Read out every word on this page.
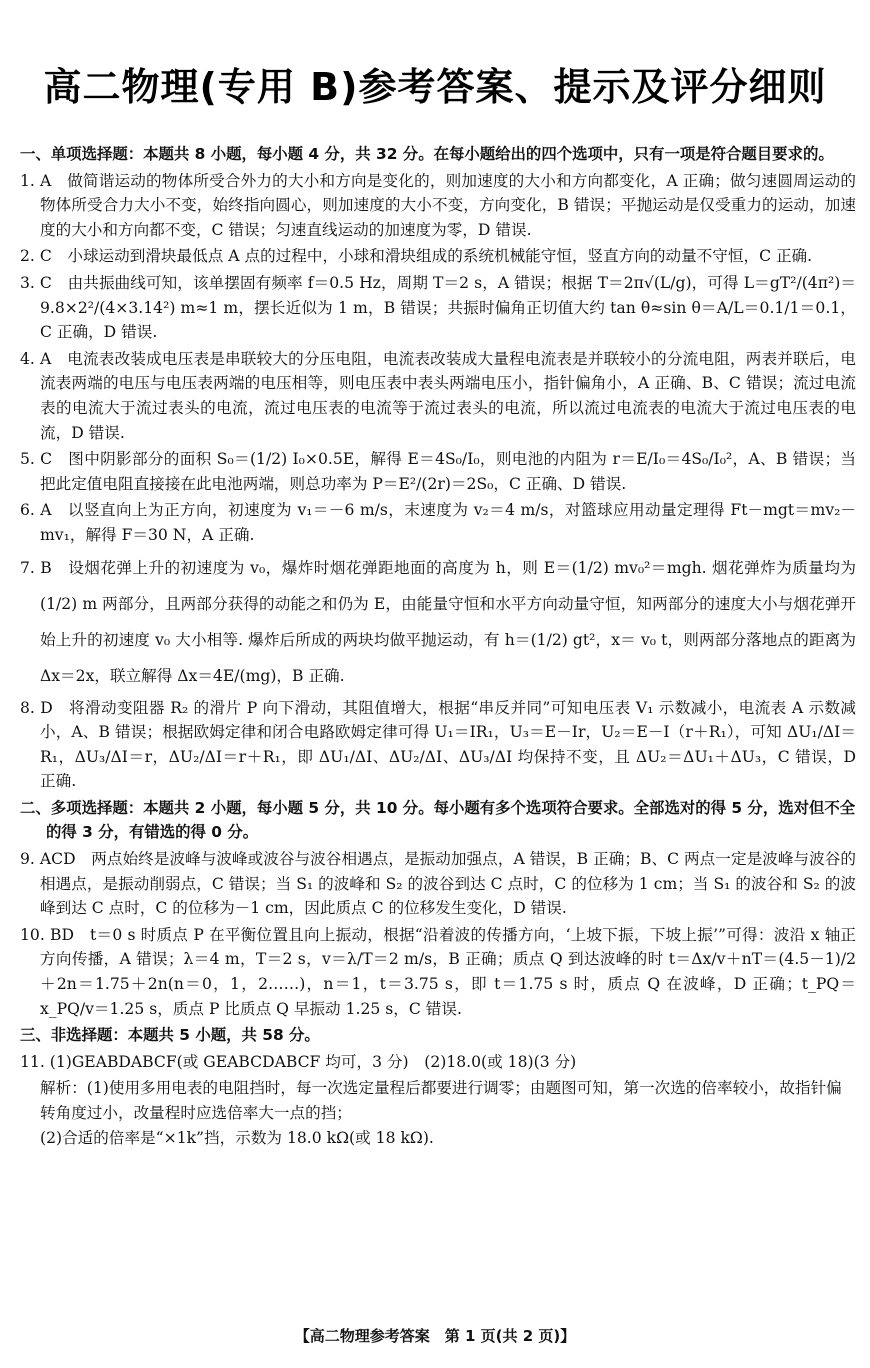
高二物理(专用 B)参考答案、提示及评分细则

一、单项选择题：本题共 8 小题，每小题 4 分，共 32 分。在每小题给出的四个选项中，只有一项是符合题目要求的。

1. A　做简谐运动的物体所受合外力的大小和方向是变化的，则加速度的大小和方向都变化，A 正确；做匀速圆周运动的物体所受合力大小不变，始终指向圆心，则加速度的大小不变，方向变化，B 错误；平抛运动是仅受重力的运动，加速度的大小和方向都不变，C 错误；匀速直线运动的加速度为零，D 错误.

2. C　小球运动到滑块最低点 A 点的过程中，小球和滑块组成的系统机械能守恒，竖直方向的动量不守恒，C 正确.

3. C　由共振曲线可知，该单摆固有频率 f＝0.5 Hz，周期 T＝2 s，A 错误；根据 T＝2π√(L/g)，可得 L＝gT²/(4π²)＝9.8×2²/(4×3.14²) m≈1 m，摆长近似为 1 m，B 错误；共振时偏角正切值大约 tan θ≈sin θ＝A/L＝0.1/1＝0.1，C 正确，D 错误.

4. A　电流表改装成电压表是串联较大的分压电阻，电流表改装成大量程电流表是并联较小的分流电阻，两表并联后，电流表两端的电压与电压表两端的电压相等，则电压表中表头两端电压小，指针偏角小，A 正确、B、C 错误；流过电流表的电流大于流过表头的电流，流过电压表的电流等于流过表头的电流，所以流过电流表的电流大于流过电压表的电流，D 错误.

5. C　图中阴影部分的面积 S₀＝(1/2) I₀×0.5E，解得 E＝4S₀/I₀，则电池的内阻为 r＝E/I₀＝4S₀/I₀²，A、B 错误；当把此定值电阻直接接在此电池两端，则总功率为 P＝E²/(2r)＝2S₀，C 正确、D 错误.

6. A　以竖直向上为正方向，初速度为 v₁＝－6 m/s，末速度为 v₂＝4 m/s，对篮球应用动量定理得 Ft－mgt＝mv₂－mv₁，解得 F＝30 N，A 正确.

7. B　设烟花弹上升的初速度为 v₀，爆炸时烟花弹距地面的高度为 h，则 E＝(1/2) mv₀²＝mgh. 烟花弹炸为质量均为 (1/2) m 两部分，且两部分获得的动能之和仍为 E，由能量守恒和水平方向动量守恒，知两部分的速度大小与烟花弹开始上升的初速度 v₀ 大小相等. 爆炸后所成的两块均做平抛运动，有 h＝(1/2) gt²，x＝ v₀ t，则两部分落地点的距离为 Δx＝2x，联立解得 Δx＝4E/(mg)，B 正确.

8. D　将滑动变阻器 R₂ 的滑片 P 向下滑动，其阻值增大，根据“串反并同”可知电压表 V₁ 示数减小，电流表 A 示数减小，A、B 错误；根据欧姆定律和闭合电路欧姆定律可得 U₁＝IR₁，U₃＝E－Ir，U₂＝E－I（r＋R₁），可知 ΔU₁/ΔI＝R₁，ΔU₃/ΔI＝r，ΔU₂/ΔI＝r＋R₁，即 ΔU₁/ΔI、ΔU₂/ΔI、ΔU₃/ΔI 均保持不变，且 ΔU₂＝ΔU₁＋ΔU₃，C 错误，D 正确.

二、多项选择题：本题共 2 小题，每小题 5 分，共 10 分。每小题有多个选项符合要求。全部选对的得 5 分，选对但不全的得 3 分，有错选的得 0 分。

9. ACD　两点始终是波峰与波峰或波谷与波谷相遇点，是振动加强点，A 错误，B 正确；B、C 两点一定是波峰与波谷的相遇点，是振动削弱点，C 错误；当 S₁ 的波峰和 S₂ 的波谷到达 C 点时，C 的位移为 1 cm；当 S₁ 的波谷和 S₂ 的波峰到达 C 点时，C 的位移为－1 cm，因此质点 C 的位移发生变化，D 错误.

10. BD　t＝0 s 时质点 P 在平衡位置且向上振动，根据“沿着波的传播方向，‘上坡下振，下坡上振’”可得：波沿 x 轴正方向传播，A 错误；λ＝4 m，T＝2 s，v＝λ/T＝2 m/s，B 正确；质点 Q 到达波峰的时 t＝Δx/v＋nT＝(4.5－1)/2＋2n＝1.75＋2n(n＝0，1，2……)，n＝1，t＝3.75 s，即 t＝1.75 s 时，质点 Q 在波峰，D 正确；t_PQ＝x_PQ/v＝1.25 s，质点 P 比质点 Q 早振动 1.25 s，C 错误.

三、非选择题：本题共 5 小题，共 58 分。

11. (1)GEABDABCF(或 GEABCDABCF 均可，3 分)　(2)18.0(或 18)(3 分)

解析：(1)使用多用电表的电阻挡时，每一次选定量程后都要进行调零；由题图可知，第一次选的倍率较小，故指针偏转角度过小，改量程时应选倍率大一点的挡；

(2)合适的倍率是“×1k”挡，示数为 18.0 kΩ(或 18 kΩ).

【高二物理参考答案　第 1 页(共 2 页)】
